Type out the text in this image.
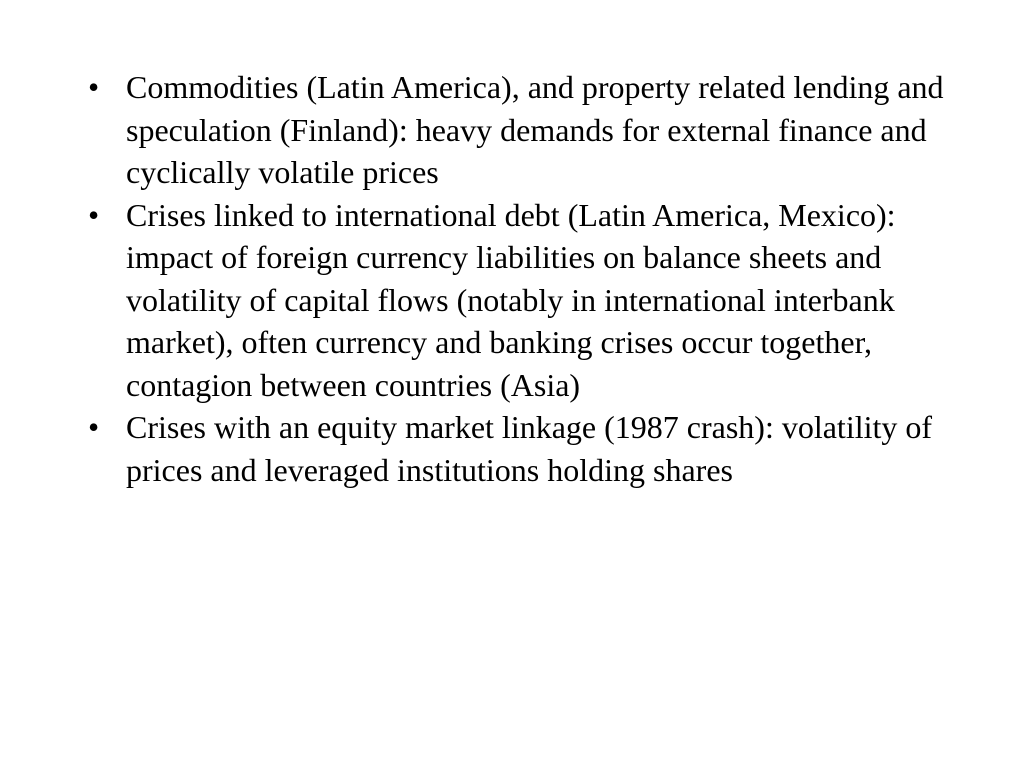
• Commodities (Latin America), and property related lending and speculation (Finland): heavy demands for external finance and cyclically volatile prices
• Crises linked to international debt (Latin America, Mexico): impact of foreign currency liabilities on balance sheets and volatility of capital flows (notably in international interbank market), often currency and banking crises occur together, contagion between countries (Asia)
• Crises with an equity market linkage (1987 crash): volatility of prices and leveraged institutions holding shares
